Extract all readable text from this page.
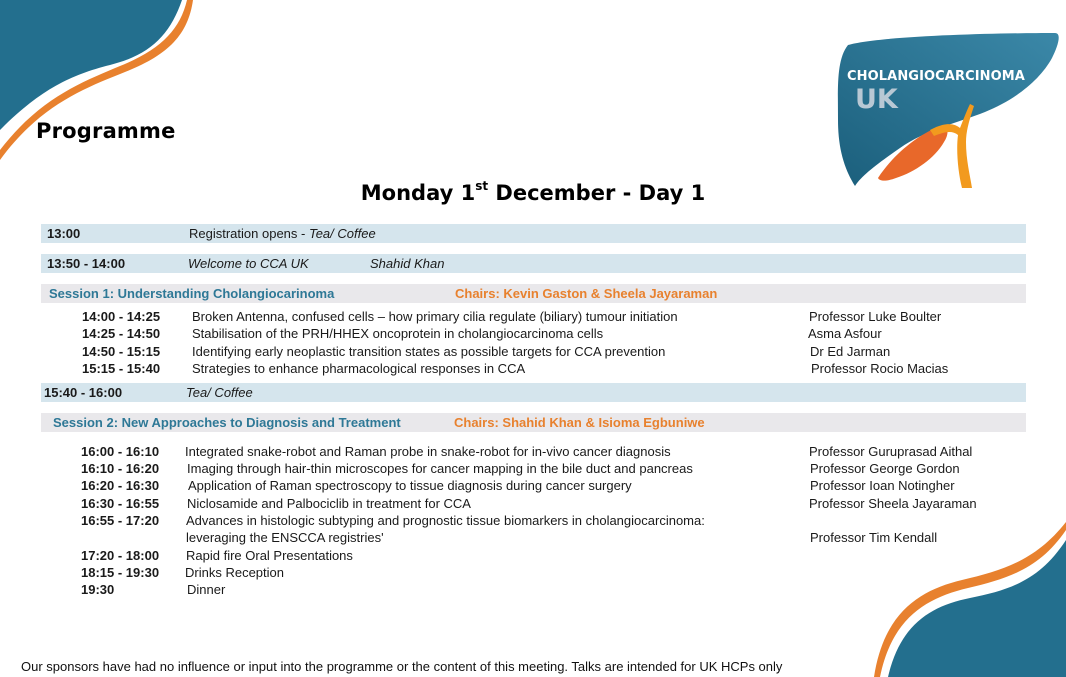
CHOLANGIOCARCINOMA
UK
Programme
Monday 1st December - Day 1
13:00	Registration opens - Tea/ Coffee
13:50 - 14:00	Welcome to CCA UK	Shahid Khan
Session 1: Understanding Cholangiocarinoma	Chairs: Kevin Gaston & Sheela Jayaraman
14:00 - 14:25 Broken Antenna, confused cells – how primary cilia regulate (biliary) tumour initiation	Professor Luke Boulter
14:25 - 14:50 Stabilisation of the PRH/HHEX oncoprotein in cholangiocarcinoma cells	Asma Asfour
14:50 - 15:15 Identifying early neoplastic transition states as possible targets for CCA prevention	Dr Ed Jarman
15:15 - 15:40 Strategies to enhance pharmacological responses in CCA	Professor Rocio Macias
15:40 - 16:00	Tea/ Coffee
Session 2: New Approaches to Diagnosis and Treatment	Chairs: Shahid Khan & Isioma Egbuniwe
16:00 - 16:10 Integrated snake-robot and Raman probe in snake-robot for in-vivo cancer diagnosis	Professor Guruprasad Aithal
16:10 - 16:20 Imaging through hair-thin microscopes for cancer mapping in the bile duct and pancreas	Professor George Gordon
16:20 - 16:30 Application of Raman spectroscopy to tissue diagnosis during cancer surgery	Professor Ioan Notingher
16:30 - 16:55 Niclosamide and Palbociclib in treatment for CCA	Professor Sheela Jayaraman
16:55 - 17:20 Advances in histologic subtyping and prognostic tissue biomarkers in cholangiocarcinoma:
leveraging the ENSCCA registries'	Professor Tim Kendall
17:20 - 18:00 Rapid fire Oral Presentations
18:15 - 19:30 Drinks Reception
19:30	Dinner
Our sponsors have had no influence or input into the programme or the content of this meeting. Talks are intended for UK HCPs only
